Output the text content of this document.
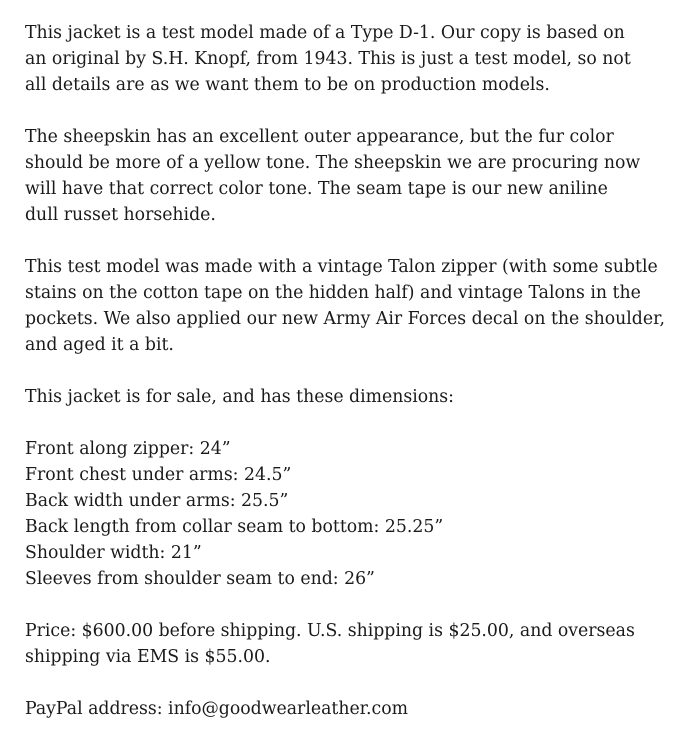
This jacket is a test model made of a Type D-1. Our copy is based on
an original by S.H. Knopf, from 1943. This is just a test model, so not
all details are as we want them to be on production models.

The sheepskin has an excellent outer appearance, but the fur color
should be more of a yellow tone. The sheepskin we are procuring now
will have that correct color tone. The seam tape is our new aniline
dull russet horsehide.

This test model was made with a vintage Talon zipper (with some subtle
stains on the cotton tape on the hidden half) and vintage Talons in the
pockets. We also applied our new Army Air Forces decal on the shoulder,
and aged it a bit.

This jacket is for sale, and has these dimensions:

Front along zipper: 24”
Front chest under arms: 24.5”
Back width under arms: 25.5”
Back length from collar seam to bottom: 25.25”
Shoulder width: 21”
Sleeves from shoulder seam to end: 26”

Price: $600.00 before shipping. U.S. shipping is $25.00, and overseas
shipping via EMS is $55.00.

PayPal address: info@goodwearleather.com
